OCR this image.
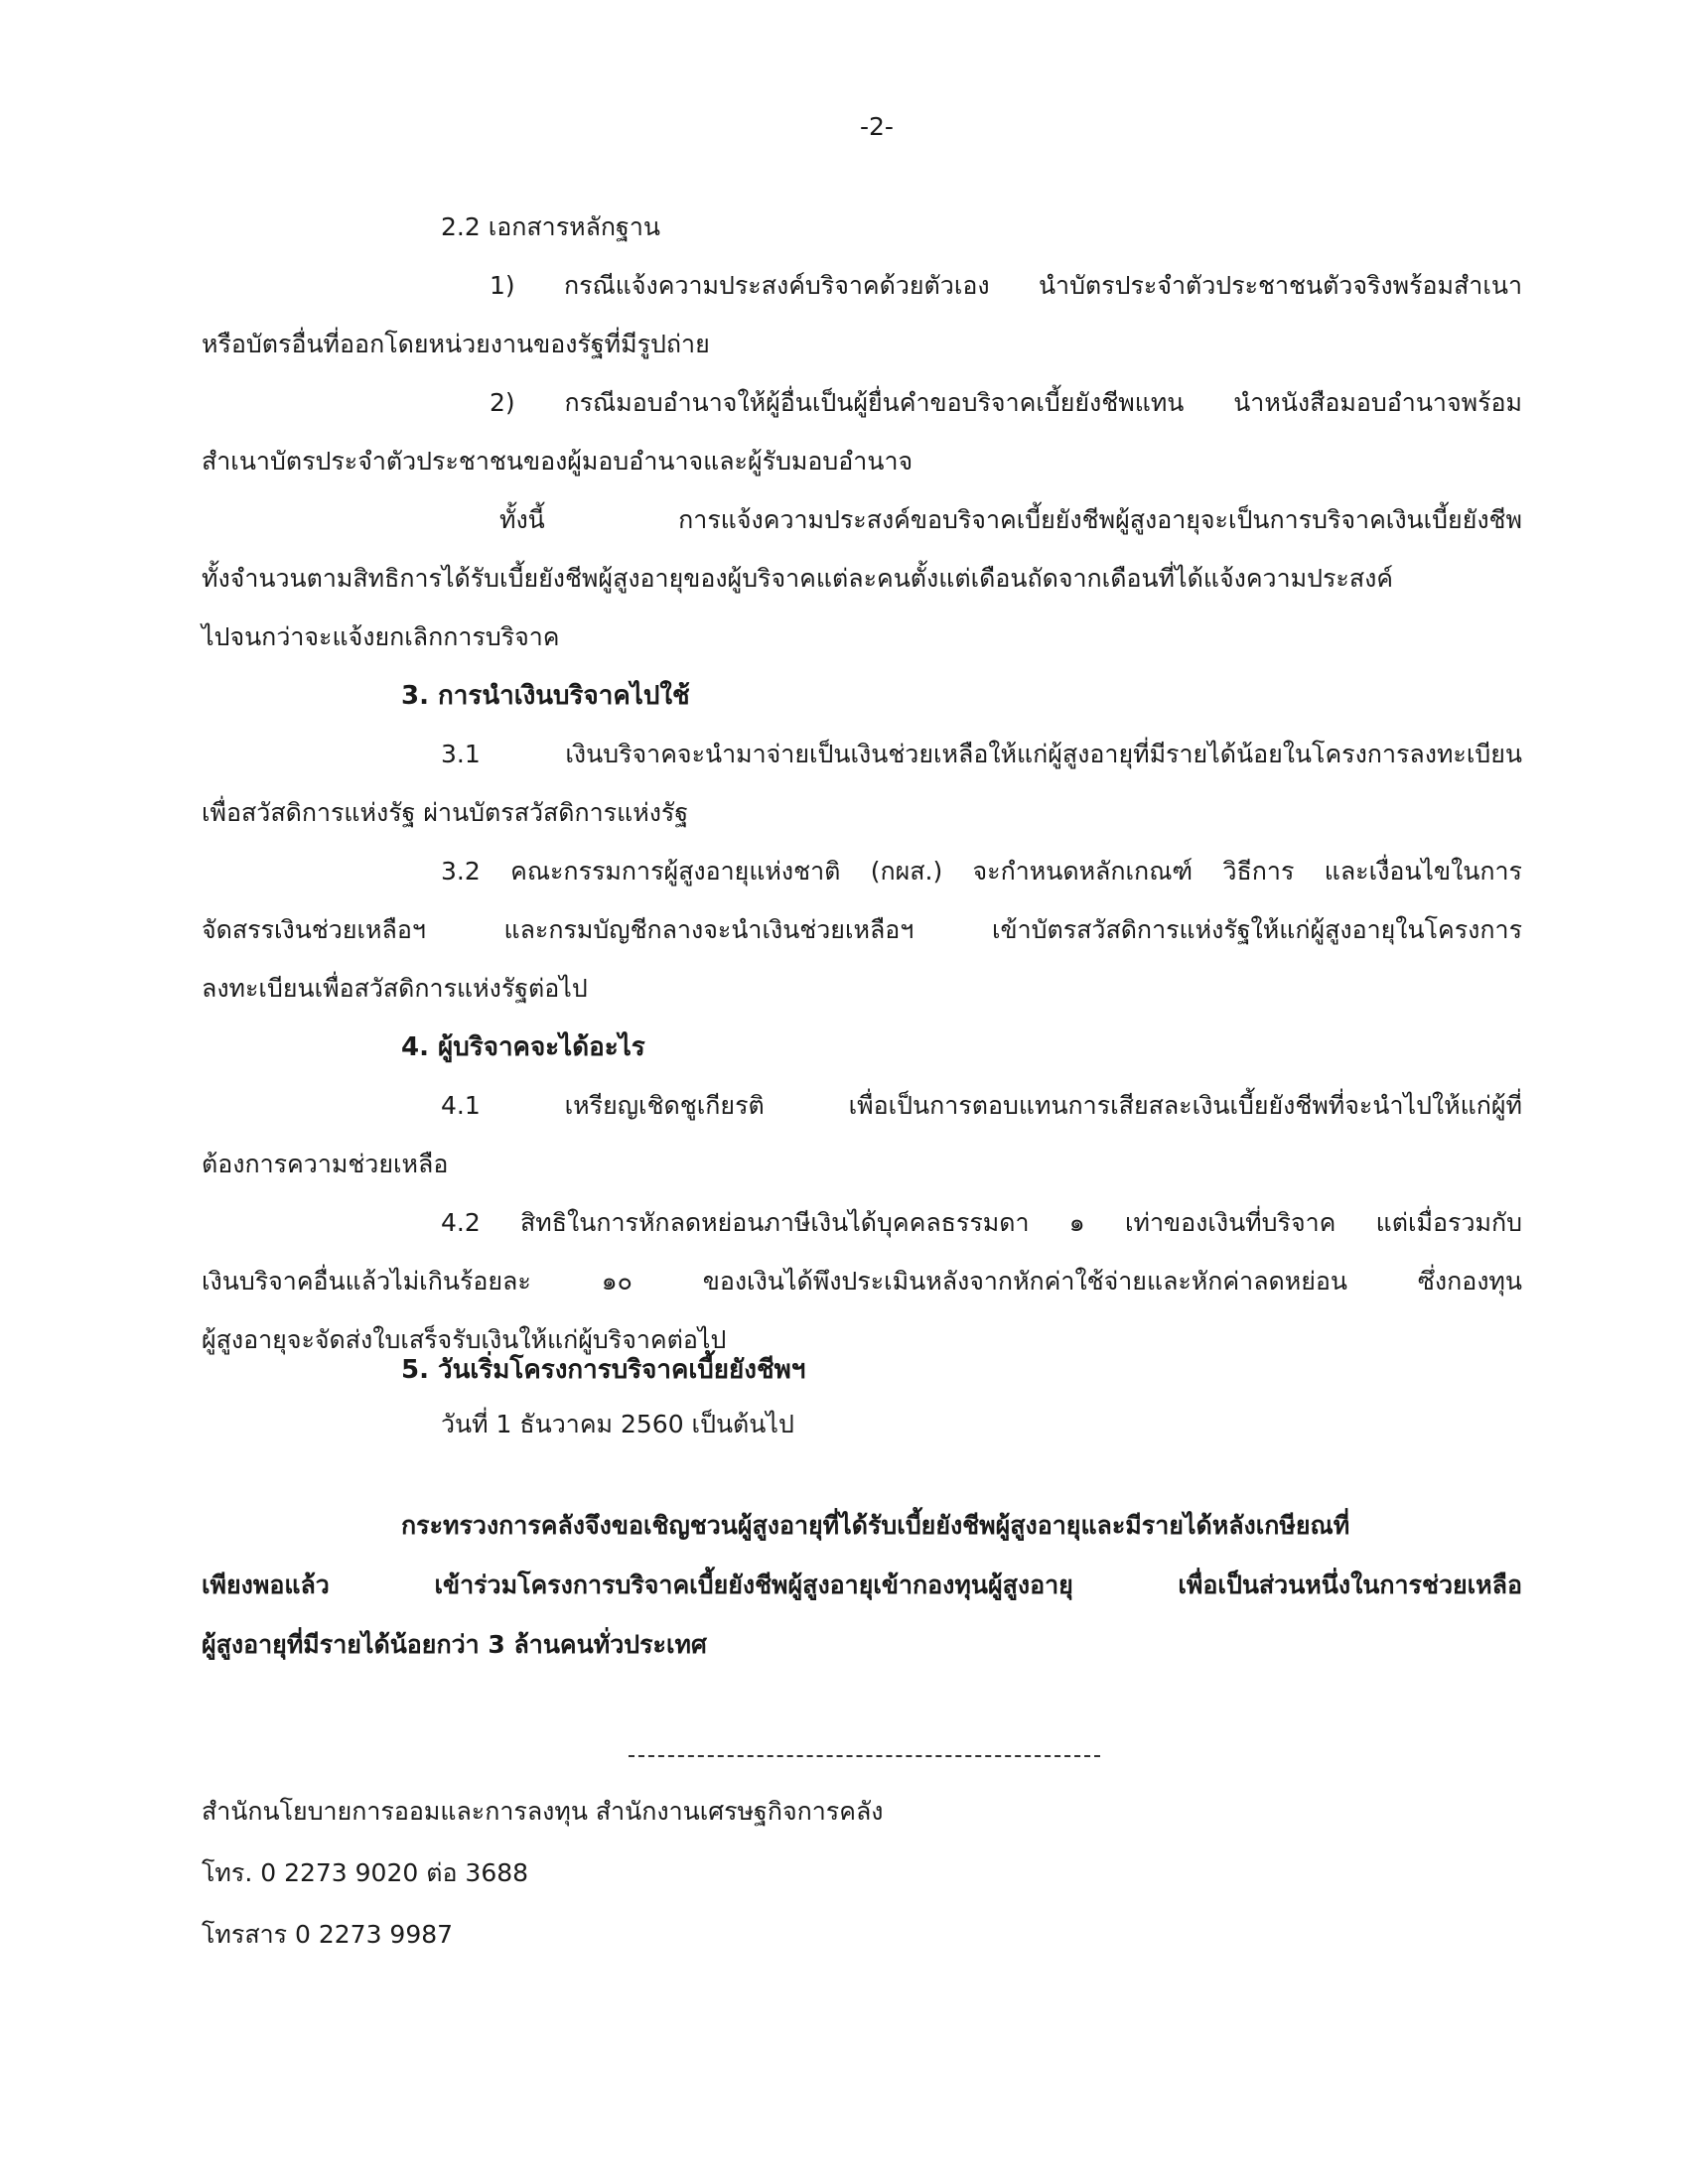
-2-

2.2 เอกสารหลักฐาน

1) กรณีแจ้งความประสงค์บริจาคด้วยตัวเอง นำบัตรประจำตัวประชาชนตัวจริงพร้อมสำเนา

หรือบัตรอื่นที่ออกโดยหน่วยงานของรัฐที่มีรูปถ่าย

2) กรณีมอบอำนาจให้ผู้อื่นเป็นผู้ยื่นคำขอบริจาคเบี้ยยังชีพแทน นำหนังสือมอบอำนาจพร้อม

สำเนาบัตรประจำตัวประชาชนของผู้มอบอำนาจและผู้รับมอบอำนาจ

ทั้งนี้ การแจ้งความประสงค์ขอบริจาคเบี้ยยังชีพผู้สูงอายุจะเป็นการบริจาคเงินเบี้ยยังชีพ

ทั้งจำนวนตามสิทธิการได้รับเบี้ยยังชีพผู้สูงอายุของผู้บริจาคแต่ละคนตั้งแต่เดือนถัดจากเดือนที่ได้แจ้งความประสงค์

ไปจนกว่าจะแจ้งยกเลิกการบริจาค

3. การนำเงินบริจาคไปใช้

3.1 เงินบริจาคจะนำมาจ่ายเป็นเงินช่วยเหลือให้แก่ผู้สูงอายุที่มีรายได้น้อยในโครงการลงทะเบียน

เพื่อสวัสดิการแห่งรัฐ ผ่านบัตรสวัสดิการแห่งรัฐ

3.2 คณะกรรมการผู้สูงอายุแห่งชาติ (กผส.) จะกำหนดหลักเกณฑ์ วิธีการ และเงื่อนไขในการ

จัดสรรเงินช่วยเหลือฯ และกรมบัญชีกลางจะนำเงินช่วยเหลือฯ เข้าบัตรสวัสดิการแห่งรัฐให้แก่ผู้สูงอายุในโครงการ

ลงทะเบียนเพื่อสวัสดิการแห่งรัฐต่อไป

4. ผู้บริจาคจะได้อะไร

4.1 เหรียญเชิดชูเกียรติ เพื่อเป็นการตอบแทนการเสียสละเงินเบี้ยยังชีพที่จะนำไปให้แก่ผู้ที่

ต้องการความช่วยเหลือ

4.2 สิทธิในการหักลดหย่อนภาษีเงินได้บุคคลธรรมดา ๑ เท่าของเงินที่บริจาค แต่เมื่อรวมกับ

เงินบริจาคอื่นแล้วไม่เกินร้อยละ ๑๐ ของเงินได้พึงประเมินหลังจากหักค่าใช้จ่ายและหักค่าลดหย่อน ซึ่งกองทุน

ผู้สูงอายุจะจัดส่งใบเสร็จรับเงินให้แก่ผู้บริจาคต่อไป

5. วันเริ่มโครงการบริจาคเบี้ยยังชีพฯ

วันที่ 1 ธันวาคม 2560 เป็นต้นไป

กระทรวงการคลังจึงขอเชิญชวนผู้สูงอายุที่ได้รับเบี้ยยังชีพผู้สูงอายุและมีรายได้หลังเกษียณที่

เพียงพอแล้ว เข้าร่วมโครงการบริจาคเบี้ยยังชีพผู้สูงอายุเข้ากองทุนผู้สูงอายุ เพื่อเป็นส่วนหนึ่งในการช่วยเหลือ

ผู้สูงอายุที่มีรายได้น้อยกว่า 3 ล้านคนทั่วประเทศ

สำนักนโยบายการออมและการลงทุน สำนักงานเศรษฐกิจการคลัง

โทร. 0 2273 9020 ต่อ 3688

โทรสาร 0 2273 9987
